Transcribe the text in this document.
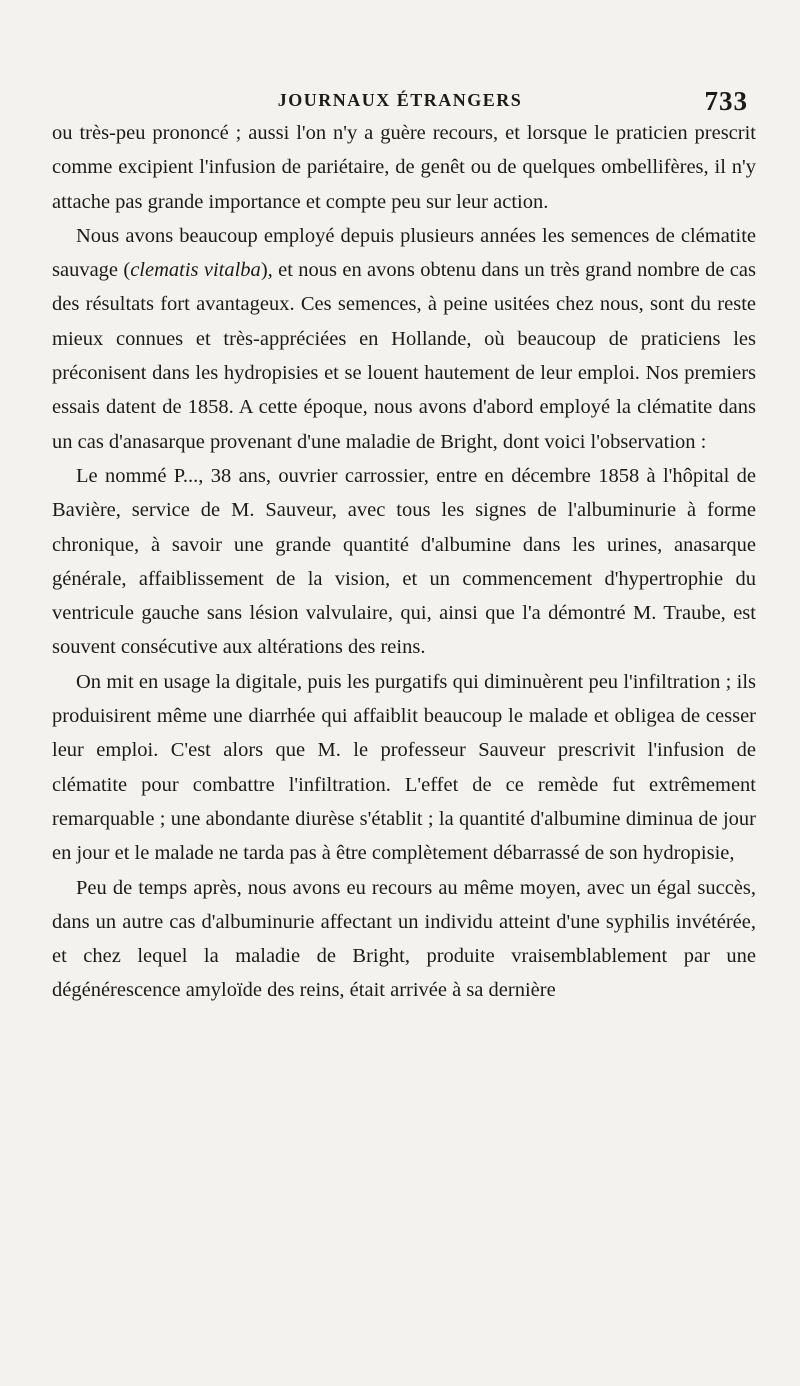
JOURNAUX ÉTRANGERS	733

ou très-peu prononcé ; aussi l'on n'y a guère recours, et lorsque le praticien prescrit comme excipient l'infusion de pariétaire, de genêt ou de quelques ombellifères, il n'y attache pas grande importance et compte peu sur leur action.

Nous avons beaucoup employé depuis plusieurs années les semences de clématite sauvage (clematis vitalba), et nous en avons obtenu dans un très grand nombre de cas des résultats fort avantageux. Ces semences, à peine usitées chez nous, sont du reste mieux connues et très-appréciées en Hollande, où beaucoup de praticiens les préconisent dans les hydropisies et se louent hautement de leur emploi. Nos premiers essais datent de 1858. A cette époque, nous avons d'abord employé la clématite dans un cas d'anasarque provenant d'une maladie de Bright, dont voici l'observation :

Le nommé P..., 38 ans, ouvrier carrossier, entre en décembre 1858 à l'hôpital de Bavière, service de M. Sauveur, avec tous les signes de l'albuminurie à forme chronique, à savoir une grande quantité d'albumine dans les urines, anasarque générale, affaiblissement de la vision, et un commencement d'hypertrophie du ventricule gauche sans lésion valvulaire, qui, ainsi que l'a démontré M. Traube, est souvent consécutive aux altérations des reins.

On mit en usage la digitale, puis les purgatifs qui diminuèrent peu l'infiltration ; ils produisirent même une diarrhée qui affaiblit beaucoup le malade et obligea de cesser leur emploi. C'est alors que M. le professeur Sauveur prescrivit l'infusion de clématite pour combattre l'infiltration. L'effet de ce remède fut extrêmement remarquable ; une abondante diurèse s'établit ; la quantité d'albumine diminua de jour en jour et le malade ne tarda pas à être complètement débarrassé de son hydropisie,

Peu de temps après, nous avons eu recours au même moyen, avec un égal succès, dans un autre cas d'albuminurie affectant un individu atteint d'une syphilis invétérée, et chez lequel la maladie de Bright, produite vraisemblablement par une dégénérescence amyloïde des reins, était arrivée à sa dernière
